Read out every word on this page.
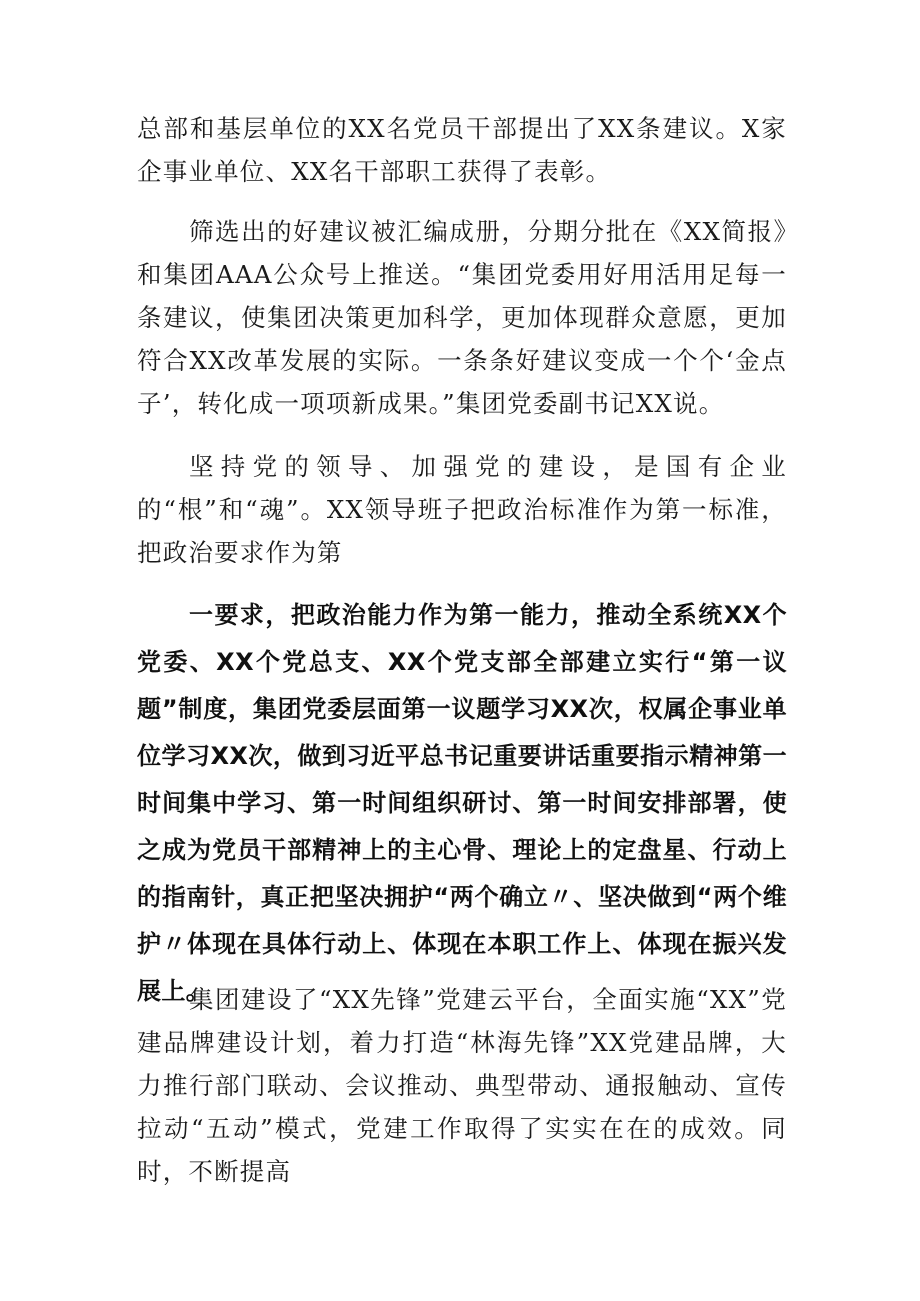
总部和基层单位的XX名党员干部提出了XX条建议。X家企事业单位、XX名干部职工获得了表彰。

筛选出的好建议被汇编成册，分期分批在《XX简报》和集团AAA公众号上推送。“集团党委用好用活用足每一条建议，使集团决策更加科学，更加体现群众意愿，更加符合XX改革发展的实际。一条条好建议变成一个个‘金点子’，转化成一项项新成果。”集团党委副书记XX说。

坚持党的领导、加强党的建设，是国有企业的“根”和“魂”。XX领导班子把政治标准作为第一标准，把政治要求作为第

一要求，把政治能力作为第一能力，推动全系统XX个党委、XX个党总支、XX个党支部全部建立实行“第一议题”制度，集团党委层面第一议题学习XX次，权属企事业单位学习XX次，做到习近平总书记重要讲话重要指示精神第一时间集中学习、第一时间组织研讨、第一时间安排部署，使之成为党员干部精神上的主心骨、理论上的定盘星、行动上的指南针，真正把坚决拥护“两个确立〃、坚决做到“两个维护〃体现在具体行动上、体现在本职工作上、体现在振兴发展上。

集团建设了“XX先锋”党建云平台，全面实施“XX”党建品牌建设计划，着力打造“林海先锋”XX党建品牌，大力推行部门联动、会议推动、典型带动、通报触动、宣传拉动“五动”模式，党建工作取得了实实在在的成效。同时，不断提高
